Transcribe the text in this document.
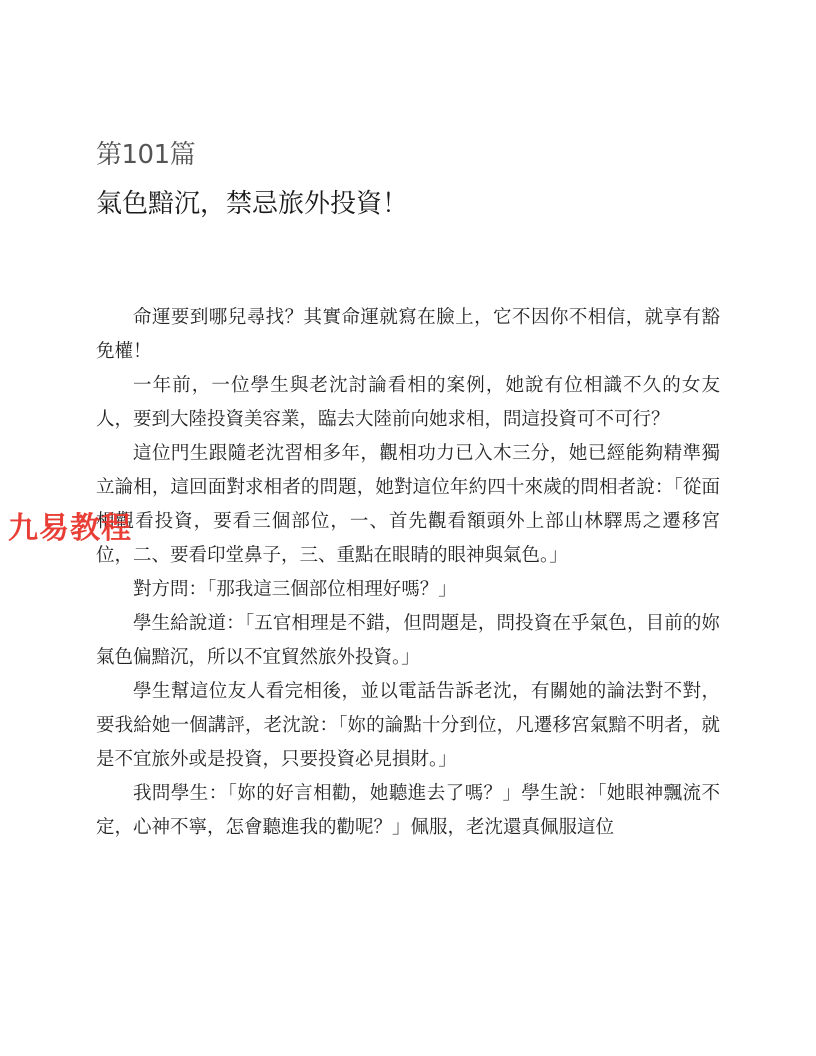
第101篇
氣色黯沉，禁忌旅外投資！

命運要到哪兒尋找？其實命運就寫在臉上，它不因你不相信，就享有豁免權！

一年前，一位學生與老沈討論看相的案例，她說有位相識不久的女友人，要到大陸投資美容業，臨去大陸前向她求相，問這投資可不可行？

這位門生跟隨老沈習相多年，觀相功力已入木三分，她已經能夠精準獨立論相，這回面對求相者的問題，她對這位年約四十來歲的問相者說：「從面相觀看投資，要看三個部位，一、首先觀看額頭外上部山林驛馬之遷移宮位，二、要看印堂鼻子，三、重點在眼睛的眼神與氣色。」

對方問：「那我這三個部位相理好嗎？」

學生給說道：「五官相理是不錯，但問題是，問投資在乎氣色，目前的妳氣色偏黯沉，所以不宜貿然旅外投資。」

學生幫這位友人看完相後，並以電話告訴老沈，有關她的論法對不對，要我給她一個講評，老沈說：「妳的論點十分到位，凡遷移宮氣黯不明者，就是不宜旅外或是投資，只要投資必見損財。」

我問學生：「妳的好言相勸，她聽進去了嗎？」學生說：「她眼神飄流不定，心神不寧，怎會聽進我的勸呢？」佩服，老沈還真佩服這位

九易教程
